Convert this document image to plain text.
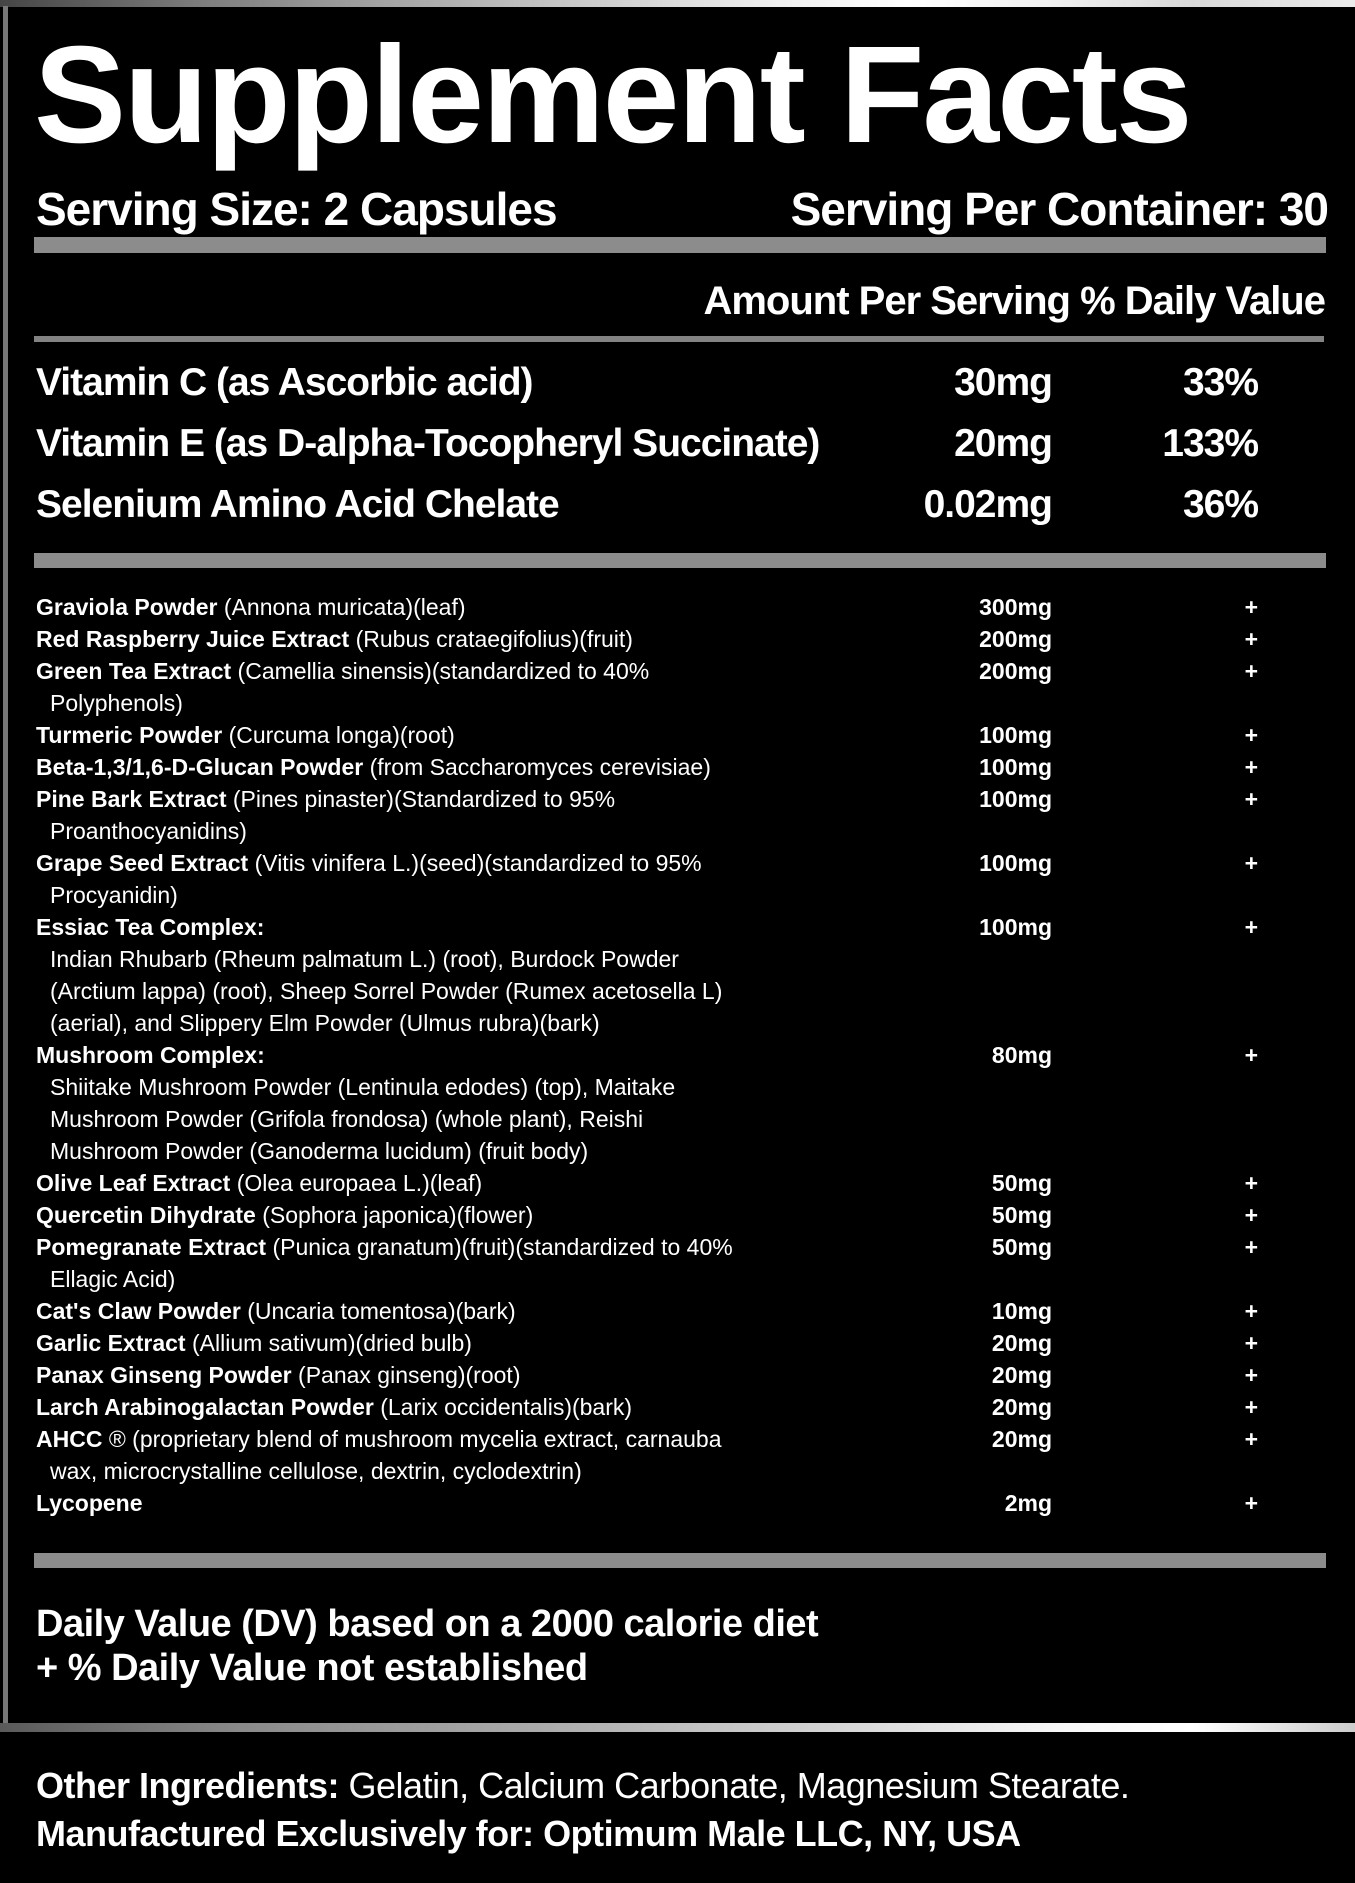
Supplement Facts
Serving Size: 2 Capsules	Serving Per Container: 30
Amount Per Serving % Daily Value
Vitamin C (as Ascorbic acid)	30mg	33%
Vitamin E (as D-alpha-Tocopheryl Succinate)	20mg	133%
Selenium Amino Acid Chelate	0.02mg	36%
Graviola Powder (Annona muricata)(leaf)	300mg	+
Red Raspberry Juice Extract (Rubus crataegifolius)(fruit)	200mg	+
Green Tea Extract (Camellia sinensis)(standardized to 40%	200mg	+
Polyphenols)
Turmeric Powder (Curcuma longa)(root)	100mg	+
Beta-1,3/1,6-D-Glucan Powder (from Saccharomyces cerevisiae)	100mg	+
Pine Bark Extract (Pines pinaster)(Standardized to 95%	100mg	+
Proanthocyanidins)
Grape Seed Extract (Vitis vinifera L.)(seed)(standardized to 95%	100mg	+
Procyanidin)
Essiac Tea Complex:	100mg	+
Indian Rhubarb (Rheum palmatum L.) (root), Burdock Powder
(Arctium lappa) (root), Sheep Sorrel Powder (Rumex acetosella L)
(aerial), and Slippery Elm Powder (Ulmus rubra)(bark)
Mushroom Complex:	80mg	+
Shiitake Mushroom Powder (Lentinula edodes) (top), Maitake
Mushroom Powder (Grifola frondosa) (whole plant), Reishi
Mushroom Powder (Ganoderma lucidum) (fruit body)
Olive Leaf Extract (Olea europaea L.)(leaf)	50mg	+
Quercetin Dihydrate (Sophora japonica)(flower)	50mg	+
Pomegranate Extract (Punica granatum)(fruit)(standardized to 40%	50mg	+
Ellagic Acid)
Cat's Claw Powder (Uncaria tomentosa)(bark)	10mg	+
Garlic Extract (Allium sativum)(dried bulb)	20mg	+
Panax Ginseng Powder (Panax ginseng)(root)	20mg	+
Larch Arabinogalactan Powder (Larix occidentalis)(bark)	20mg	+
AHCC ® (proprietary blend of mushroom mycelia extract, carnauba	20mg	+
wax, microcrystalline cellulose, dextrin, cyclodextrin)
Lycopene	2mg	+
Daily Value (DV) based on a 2000 calorie diet
+ % Daily Value not established
Other Ingredients: Gelatin, Calcium Carbonate, Magnesium Stearate.
Manufactured Exclusively for: Optimum Male LLC, NY, USA
